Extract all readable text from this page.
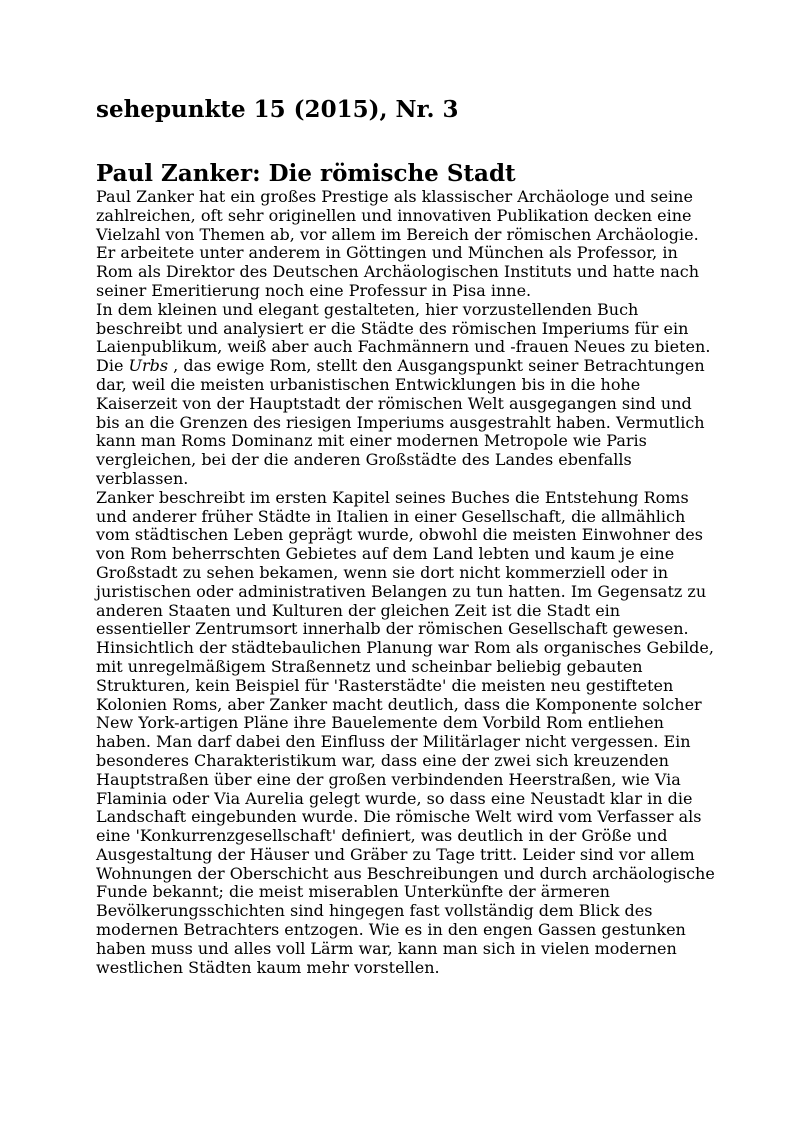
sehepunkte 15 (2015), Nr. 3
Paul Zanker: Die römische Stadt

Paul Zanker hat ein großes Prestige als klassischer Archäologe und seine zahlreichen, oft sehr originellen und innovativen Publikation decken eine Vielzahl von Themen ab, vor allem im Bereich der römischen Archäologie. Er arbeitete unter anderem in Göttingen und München als Professor, in Rom als Direktor des Deutschen Archäologischen Instituts und hatte nach seiner Emeritierung noch eine Professur in Pisa inne.

In dem kleinen und elegant gestalteten, hier vorzustellenden Buch beschreibt und analysiert er die Städte des römischen Imperiums für ein Laienpublikum, weiß aber auch Fachmännern und -frauen Neues zu bieten. Die Urbs , das ewige Rom, stellt den Ausgangspunkt seiner Betrachtungen dar, weil die meisten urbanistischen Entwicklungen bis in die hohe Kaiserzeit von der Hauptstadt der römischen Welt ausgegangen sind und bis an die Grenzen des riesigen Imperiums ausgestrahlt haben. Vermutlich kann man Roms Dominanz mit einer modernen Metropole wie Paris vergleichen, bei der die anderen Großstädte des Landes ebenfalls verblassen.

Zanker beschreibt im ersten Kapitel seines Buches die Entstehung Roms und anderer früher Städte in Italien in einer Gesellschaft, die allmählich vom städtischen Leben geprägt wurde, obwohl die meisten Einwohner des von Rom beherrschten Gebietes auf dem Land lebten und kaum je eine Großstadt zu sehen bekamen, wenn sie dort nicht kommerziell oder in juristischen oder administrativen Belangen zu tun hatten. Im Gegensatz zu anderen Staaten und Kulturen der gleichen Zeit ist die Stadt ein essentieller Zentrumsort innerhalb der römischen Gesellschaft gewesen.

Hinsichtlich der städtebaulichen Planung war Rom als organisches Gebilde, mit unregelmäßigem Straßennetz und scheinbar beliebig gebauten Strukturen, kein Beispiel für 'Rasterstädte' die meisten neu gestifteten Kolonien Roms, aber Zanker macht deutlich, dass die Komponente solcher New York-artigen Pläne ihre Bauelemente dem Vorbild Rom entliehen haben. Man darf dabei den Einfluss der Militärlager nicht vergessen. Ein besonderes Charakteristikum war, dass eine der zwei sich kreuzenden Hauptstraßen über eine der großen verbindenden Heerstraßen, wie Via Flaminia oder Via Aurelia gelegt wurde, so dass eine Neustadt klar in die Landschaft eingebunden wurde. Die römische Welt wird vom Verfasser als eine 'Konkurrenzgesellschaft' definiert, was deutlich in der Größe und Ausgestaltung der Häuser und Gräber zu Tage tritt. Leider sind vor allem Wohnungen der Oberschicht aus Beschreibungen und durch archäologische Funde bekannt; die meist miserablen Unterkünfte der ärmeren Bevölkerungsschichten sind hingegen fast vollständig dem Blick des modernen Betrachters entzogen. Wie es in den engen Gassen gestunken haben muss und alles voll Lärm war, kann man sich in vielen modernen westlichen Städten kaum mehr vorstellen.
